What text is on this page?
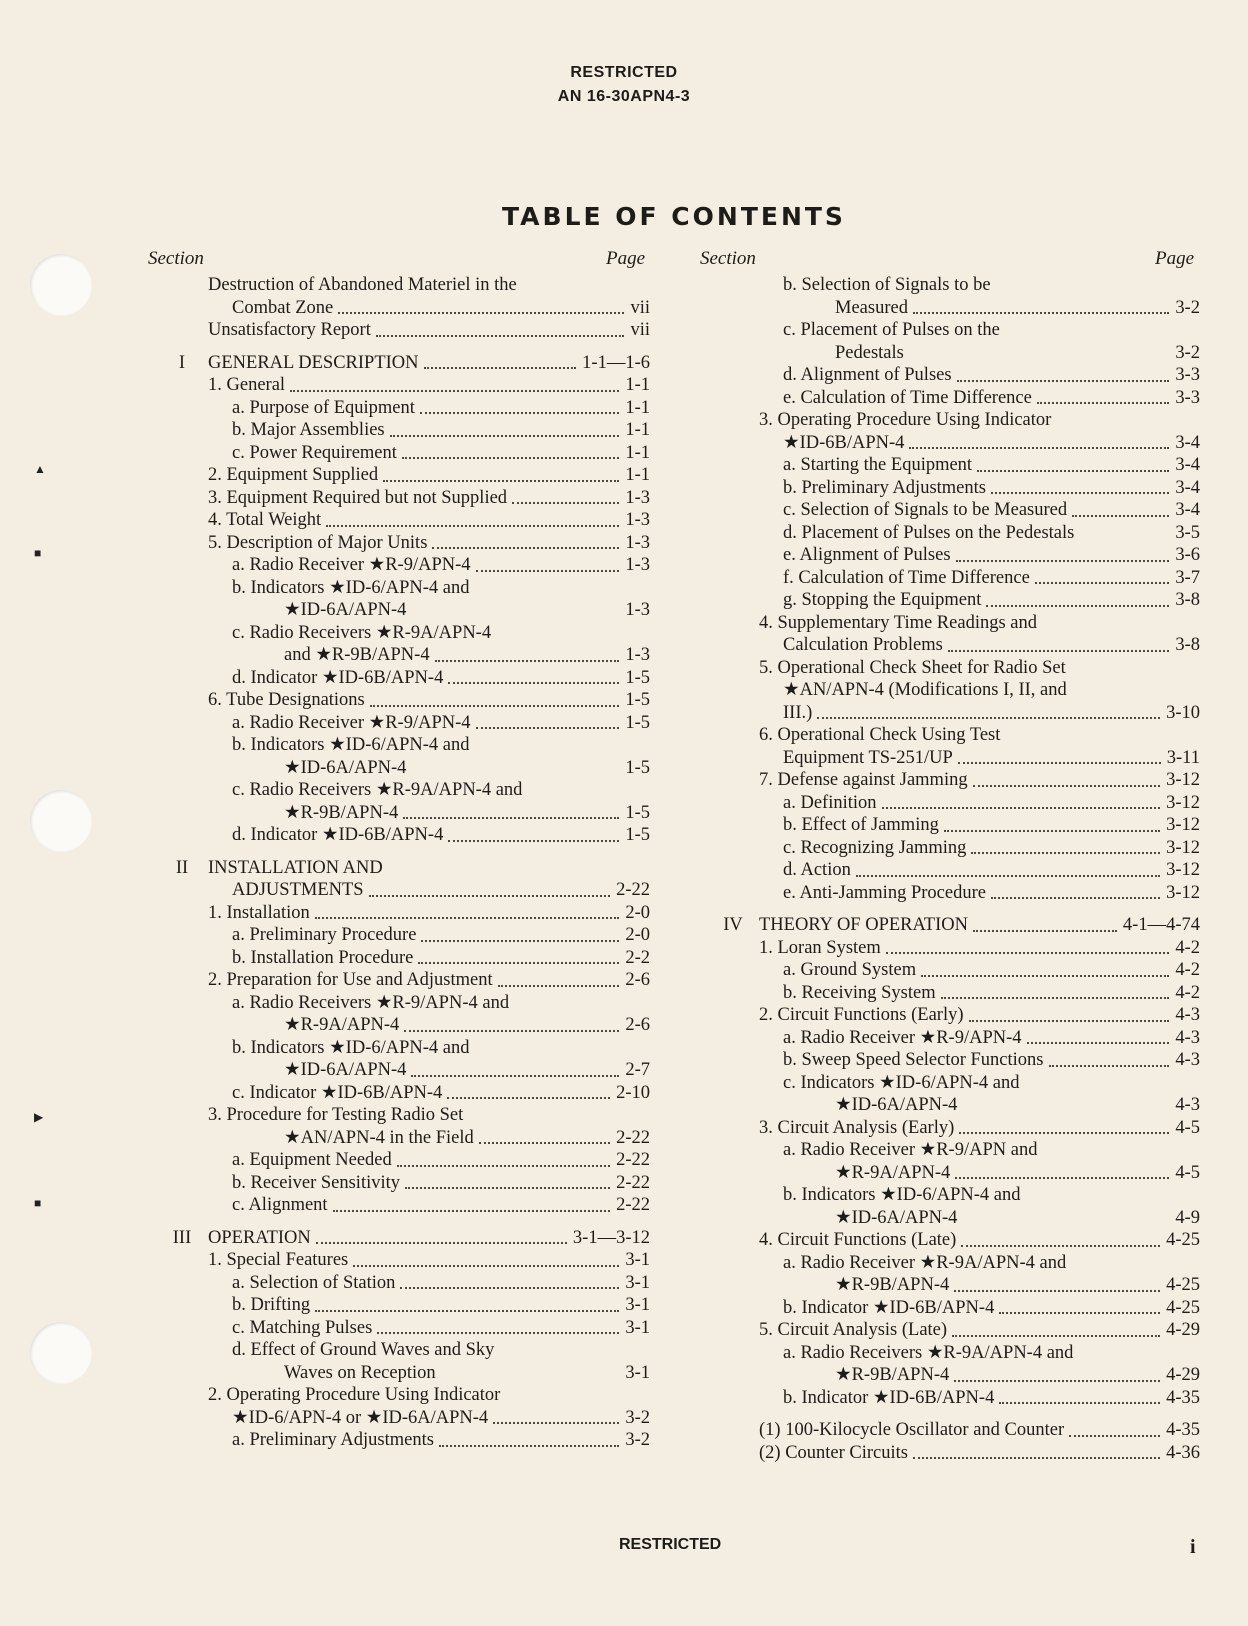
▲
■
▶
■
RESTRICTED
AN 16-30APN4-3
TABLE OF CONTENTS
Section	Page	Section	Page
Destruction of Abandoned Materiel in the
Combat Zone	vii
Unsatisfactory Report	vii
I	GENERAL DESCRIPTION	1-1—1-6
1. General	1-1
a. Purpose of Equipment	1-1
b. Major Assemblies	1-1
c. Power Requirement	1-1
2. Equipment Supplied	1-1
3. Equipment Required but not Supplied	1-3
4. Total Weight	1-3
5. Description of Major Units	1-3
a. Radio Receiver ★R-9/APN-4	1-3
b. Indicators ★ID-6/APN-4 and
★ID-6A/APN-4	1-3
c. Radio Receivers ★R-9A/APN-4
and ★R-9B/APN-4	1-3
d. Indicator ★ID-6B/APN-4	1-5
6. Tube Designations	1-5
a. Radio Receiver ★R-9/APN-4	1-5
b. Indicators ★ID-6/APN-4 and
★ID-6A/APN-4	1-5
c. Radio Receivers ★R-9A/APN-4 and
★R-9B/APN-4	1-5
d. Indicator ★ID-6B/APN-4	1-5
II	INSTALLATION AND
ADJUSTMENTS	2-22
1. Installation	2-0
a. Preliminary Procedure	2-0
b. Installation Procedure	2-2
2. Preparation for Use and Adjustment	2-6
a. Radio Receivers ★R-9/APN-4 and
★R-9A/APN-4	2-6
b. Indicators ★ID-6/APN-4 and
★ID-6A/APN-4	2-7
c. Indicator ★ID-6B/APN-4	2-10
3. Procedure for Testing Radio Set
★AN/APN-4 in the Field	2-22
a. Equipment Needed	2-22
b. Receiver Sensitivity	2-22
c. Alignment	2-22
III OPERATION	3-1—3-12
1. Special Features	3-1
a. Selection of Station	3-1
b. Drifting	3-1
c. Matching Pulses	3-1
d. Effect of Ground Waves and Sky
Waves on Reception	3-1
2. Operating Procedure Using Indicator
★ID-6/APN-4 or ★ID-6A/APN-4	3-2
a. Preliminary Adjustments	3-2
b. Selection of Signals to be
Measured	3-2
c. Placement of Pulses on the
Pedestals	3-2
d. Alignment of Pulses	3-3
e. Calculation of Time Difference	3-3
3. Operating Procedure Using Indicator
★ID-6B/APN-4	3-4
a. Starting the Equipment	3-4
b. Preliminary Adjustments	3-4
c. Selection of Signals to be Measured	3-4
d. Placement of Pulses on the Pedestals	3-5
e. Alignment of Pulses	3-6
f. Calculation of Time Difference	3-7
g. Stopping the Equipment	3-8
4. Supplementary Time Readings and
Calculation Problems	3-8
5. Operational Check Sheet for Radio Set
★AN/APN-4 (Modifications I, II, and
III.)	3-10
6. Operational Check Using Test
Equipment TS-251/UP	3-11
7. Defense against Jamming	3-12
a. Definition	3-12
b. Effect of Jamming	3-12
c. Recognizing Jamming	3-12
d. Action	3-12
e. Anti-Jamming Procedure	3-12
IV THEORY OF OPERATION	4-1—4-74
1. Loran System	4-2
a. Ground System	4-2
b. Receiving System	4-2
2. Circuit Functions (Early)	4-3
a. Radio Receiver ★R-9/APN-4	4-3
b. Sweep Speed Selector Functions	4-3
c. Indicators ★ID-6/APN-4 and
★ID-6A/APN-4	4-3
3. Circuit Analysis (Early)	4-5
a. Radio Receiver ★R-9/APN and
★R-9A/APN-4	4-5
b. Indicators ★ID-6/APN-4 and
★ID-6A/APN-4	4-9
4. Circuit Functions (Late)	4-25
a. Radio Receiver ★R-9A/APN-4 and
★R-9B/APN-4	4-25
b. Indicator ★ID-6B/APN-4	4-25
5. Circuit Analysis (Late)	4-29
a. Radio Receivers ★R-9A/APN-4 and
★R-9B/APN-4	4-29
b. Indicator ★ID-6B/APN-4	4-35
(1) 100-Kilocycle Oscillator and Counter	4-35
(2) Counter Circuits	4-36
RESTRICTED	i
